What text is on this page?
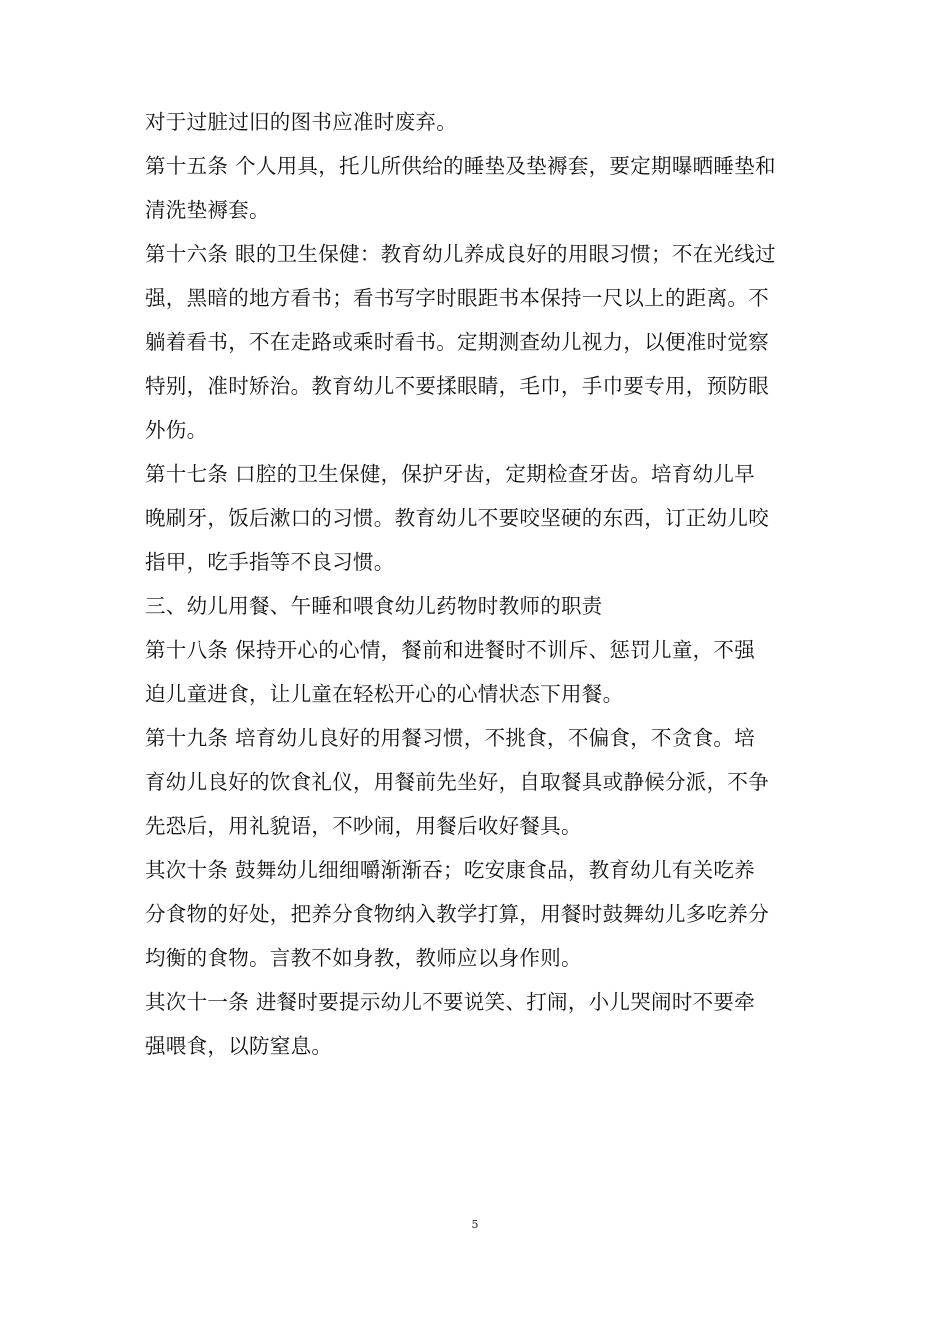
对于过脏过旧的图书应准时废弃。
第十五条 个人用具，托儿所供给的睡垫及垫褥套，要定期曝晒睡垫和
清洗垫褥套。
第十六条 眼的卫生保健：教育幼儿养成良好的用眼习惯；不在光线过
强，黑暗的地方看书；看书写字时眼距书本保持一尺以上的距离。不
躺着看书，不在走路或乘时看书。定期测查幼儿视力，以便准时觉察
特别，准时矫治。教育幼儿不要揉眼睛，毛巾，手巾要专用，预防眼
外伤。
第十七条 口腔的卫生保健，保护牙齿，定期检查牙齿。培育幼儿早
晚刷牙，饭后漱口的习惯。教育幼儿不要咬坚硬的东西，订正幼儿咬
指甲，吃手指等不良习惯。
三、幼儿用餐、午睡和喂食幼儿药物时教师的职责
第十八条 保持开心的心情，餐前和进餐时不训斥、惩罚儿童，不强
迫儿童进食，让儿童在轻松开心的心情状态下用餐。
第十九条 培育幼儿良好的用餐习惯，不挑食，不偏食，不贪食。培
育幼儿良好的饮食礼仪，用餐前先坐好，自取餐具或静候分派，不争
先恐后，用礼貌语，不吵闹，用餐后收好餐具。
其次十条 鼓舞幼儿细细嚼渐渐吞；吃安康食品，教育幼儿有关吃养
分食物的好处，把养分食物纳入教学打算，用餐时鼓舞幼儿多吃养分
均衡的食物。言教不如身教，教师应以身作则。
其次十一条 进餐时要提示幼儿不要说笑、打闹，小儿哭闹时不要牵
强喂食，以防窒息。
5
